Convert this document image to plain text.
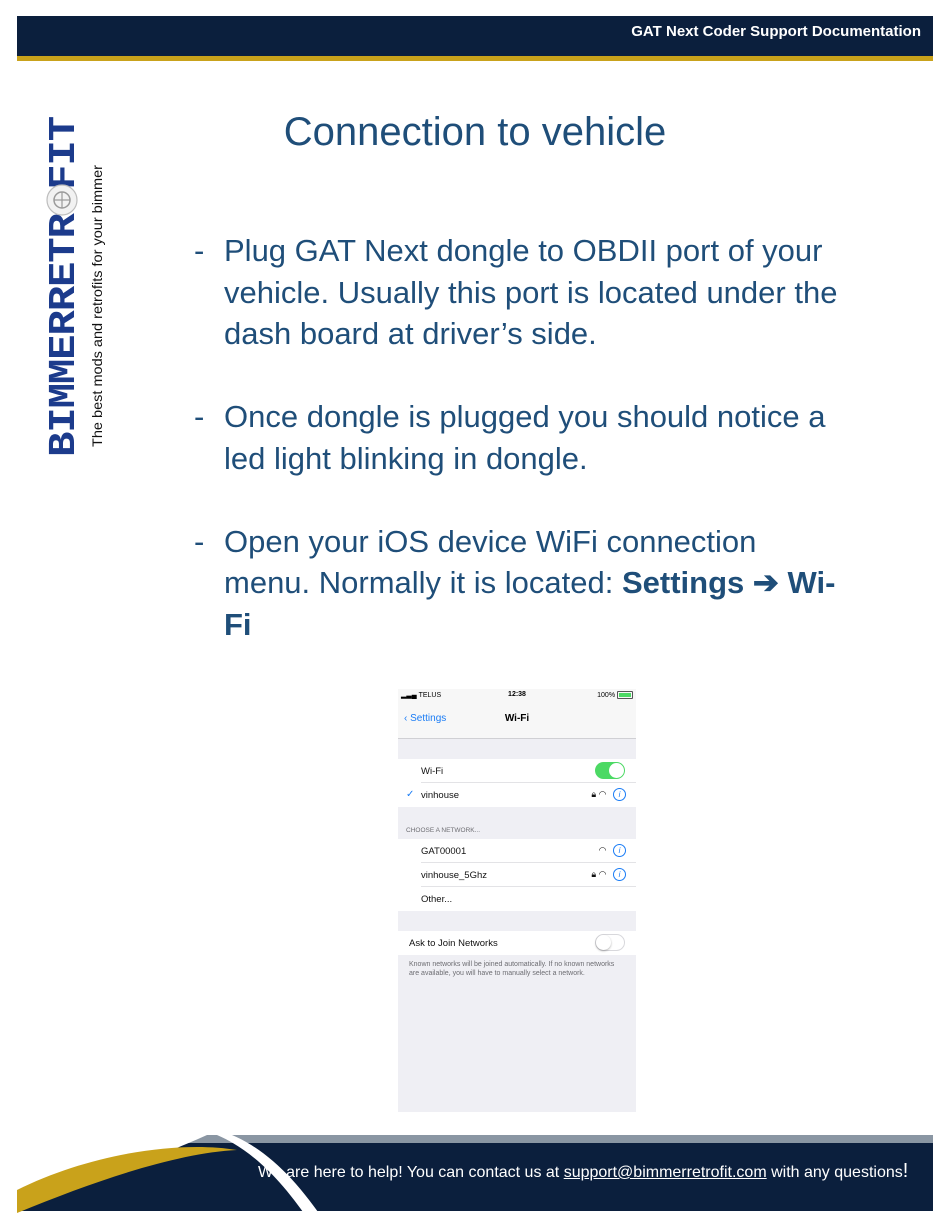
GAT Next Coder Support Documentation
BIMMERRETROFIT The best mods and retrofits for your bimmer
Connection to vehicle
- Plug GAT Next dongle to OBDII port of your vehicle. Usually this port is located under the dash board at driver’s side.
- Once dongle is plugged you should notice a led light blinking in dongle.
- Open your iOS device WiFi connection menu. Normally it is located: Settings ➔ Wi-Fi
▂▃▄ TELUS	12:38	100%
‹ Settings	Wi-Fi
Wi-Fi
✓ vinhouse	🔒︎ ◠ i
CHOOSE A NETWORK...
GAT00001	◠ i
vinhouse_5Ghz	🔒︎ ◠ i
Other...
Ask to Join Networks
Known networks will be joined automatically. If no known networks are available, you will have to manually select a network.
We are here to help! You can contact us at support@bimmerretrofit.com with any questions!
